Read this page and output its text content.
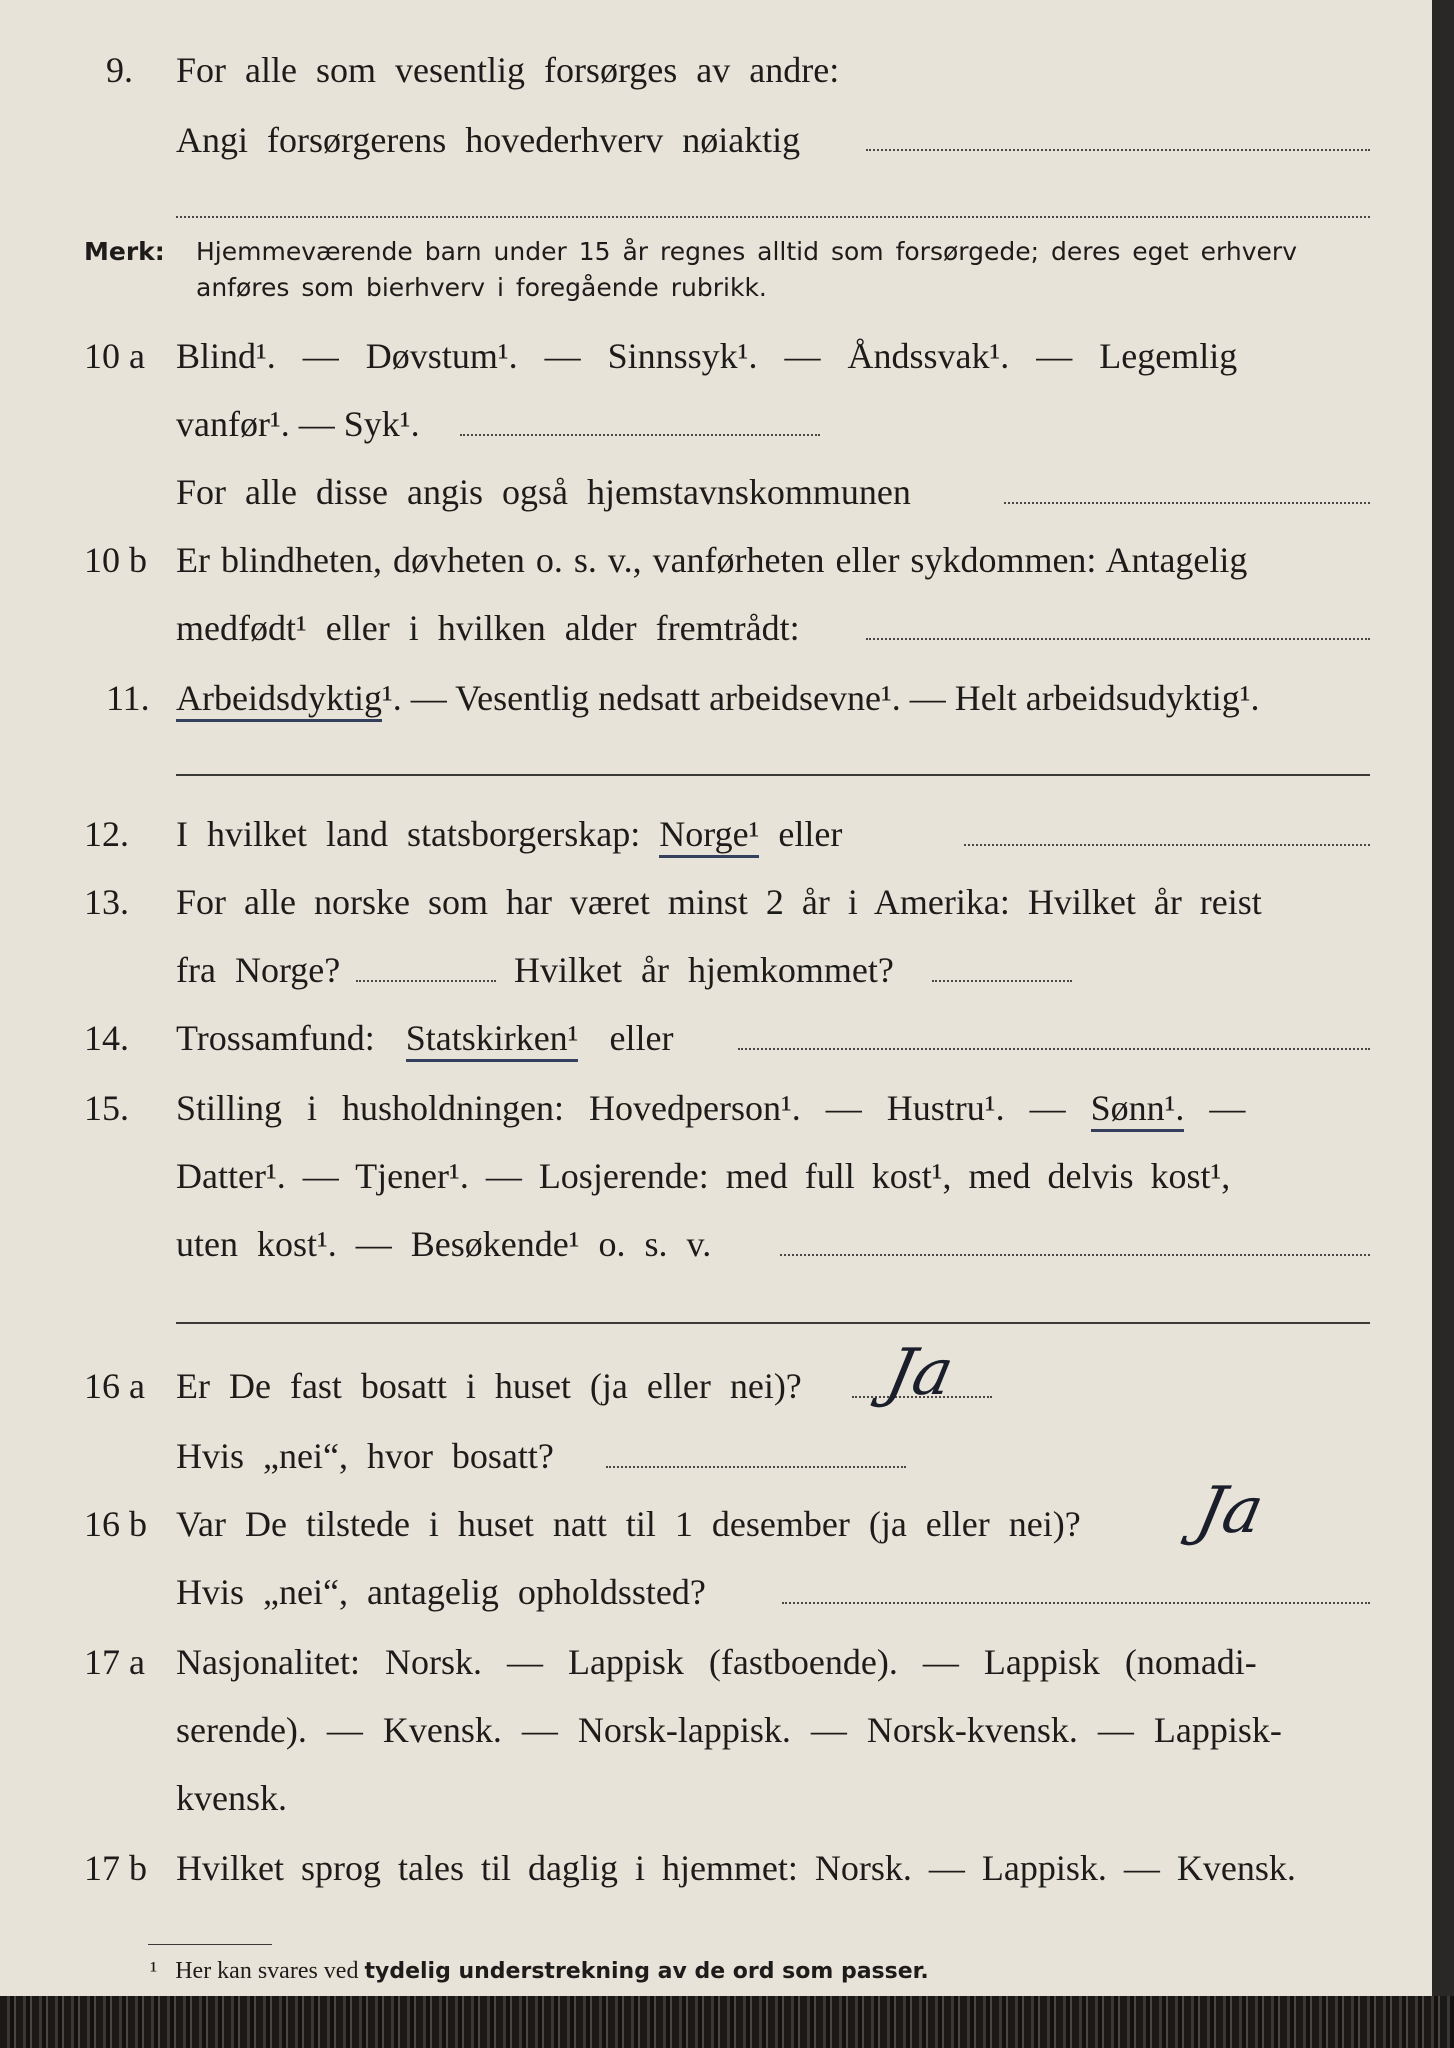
9. For alle som vesentlig forsørges av andre:
Angi forsørgerens hovederhverv nøiaktig
Merk: Hjemmeværende barn under 15 år regnes alltid som forsørgede; deres eget erhverv
anføres som bierhverv i foregående rubrikk.
10 a Blind¹. — Døvstum¹. — Sinnssyk¹. — Åndssvak¹. — Legemlig
vanfør¹. — Syk¹.
For alle disse angis også hjemstavnskommunen
10 b Er blindheten, døvheten o. s. v., vanførheten eller sykdommen: Antagelig
medfødt¹ eller i hvilken alder fremtrådt:
11. Arbeidsdyktig¹. — Vesentlig nedsatt arbeidsevne¹. — Helt arbeidsudyktig¹.
12. I hvilket land statsborgerskap: Norge¹ eller
13. For alle norske som har været minst 2 år i Amerika: Hvilket år reist
fra Norge?	Hvilket år hjemkommet?
14. Trossamfund: Statskirken¹ eller
15. Stilling i husholdningen: Hovedperson¹. — Hustru¹. — Sønn¹. —
Datter¹. — Tjener¹. — Losjerende: med full kost¹, med delvis kost¹,
uten kost¹. — Besøkende¹ o. s. v.
16 a Er De fast bosatt i huset (ja eller nei)? Ja
Hvis „nei“, hvor bosatt?
16 b Var De tilstede i huset natt til 1 desember (ja eller nei)? Ja
Hvis „nei“, antagelig opholdssted?
17 a Nasjonalitet: Norsk. — Lappisk (fastboende). — Lappisk (nomadi-
serende). — Kvensk. — Norsk-lappisk. — Norsk-kvensk. — Lappisk-
kvensk.
17 b Hvilket sprog tales til daglig i hjemmet: Norsk. — Lappisk. — Kvensk.
¹ Her kan svares ved tydelig understrekning av de ord som passer.
